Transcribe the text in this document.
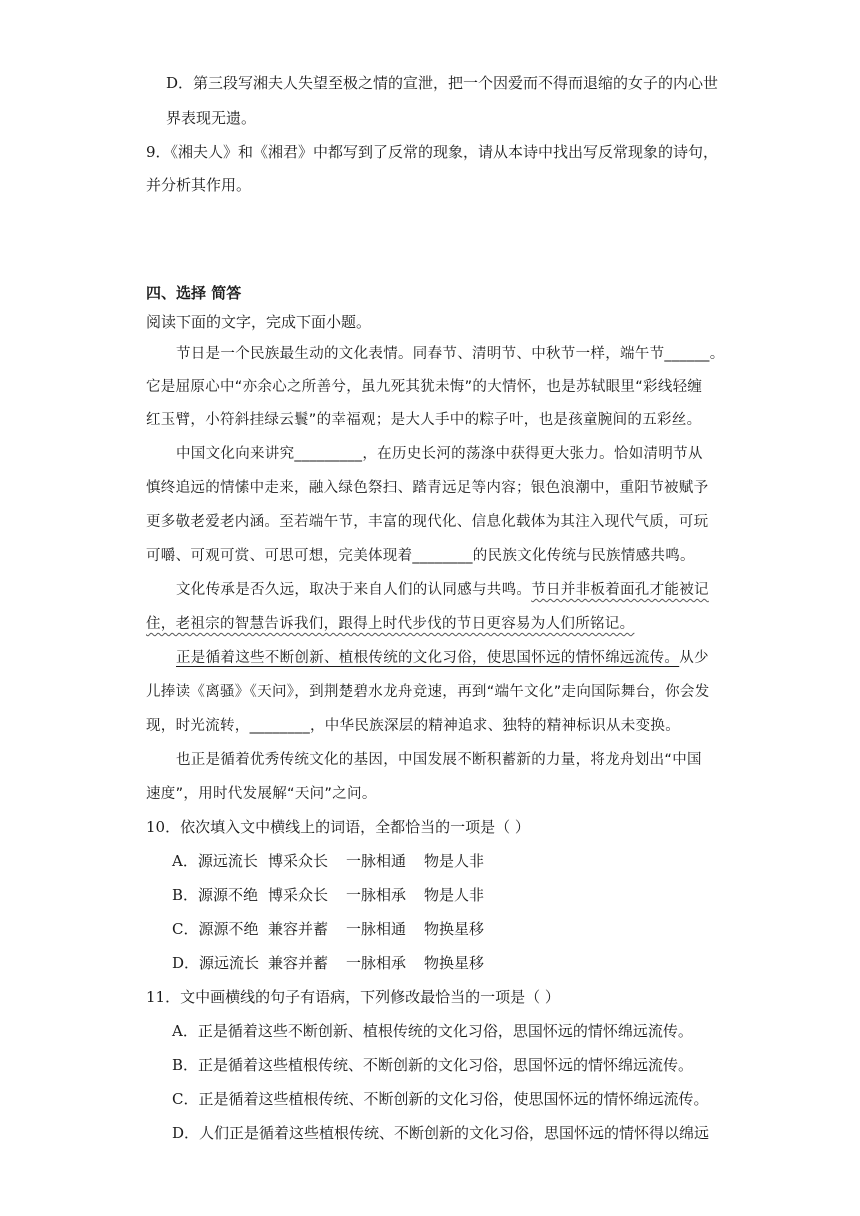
D．第三段写湘夫人失望至极之情的宣泄，把一个因爱而不得而退缩的女子的内心世
界表现无遗。
9．《湘夫人》和《湘君》中都写到了反常的现象，请从本诗中找出写反常现象的诗句，
并分析其作用。
四、选择 简答
阅读下面的文字，完成下面小题。
节日是一个民族最生动的文化表情。同春节、清明节、中秋节一样，端午节______。
它是屈原心中“亦余心之所善兮，虽九死其犹未悔”的大情怀，也是苏轼眼里“彩线轻缠
红玉臂，小符斜挂绿云鬟”的幸福观；是大人手中的粽子叶，也是孩童腕间的五彩丝。
中国文化向来讲究_________，在历史长河的荡涤中获得更大张力。恰如清明节从
慎终追远的情愫中走来，融入绿色祭扫、踏青远足等内容；银色浪潮中，重阳节被赋予
更多敬老爱老内涵。至若端午节，丰富的现代化、信息化载体为其注入现代气质，可玩
可嚼、可观可赏、可思可想，完美体现着________的民族文化传统与民族情感共鸣。
文化传承是否久远，取决于来自人们的认同感与共鸣。节日并非板着面孔才能被记
住，老祖宗的智慧告诉我们，跟得上时代步伐的节日更容易为人们所铭记。
正是循着这些不断创新、植根传统的文化习俗，使思国怀远的情怀绵远流传。从少
儿捧读《离骚》《天问》，到荆楚碧水龙舟竞速，再到“端午文化”走向国际舞台，你会发
现，时光流转，________，中华民族深层的精神追求、独特的精神标识从未变换。
也正是循着优秀传统文化的基因，中国发展不断积蓄新的力量，将龙舟划出“中国
速度”，用时代发展解“天问”之问。
10．依次填入文中横线上的词语，全都恰当的一项是（ ）
A．源远流长 博采众长 一脉相通 物是人非
B．源源不绝 博采众长 一脉相承 物是人非
C．源源不绝 兼容并蓄 一脉相通 物换星移
D．源远流长 兼容并蓄 一脉相承 物换星移
11．文中画横线的句子有语病，下列修改最恰当的一项是（ ）
A．正是循着这些不断创新、植根传统的文化习俗，思国怀远的情怀绵远流传。
B．正是循着这些植根传统、不断创新的文化习俗，思国怀远的情怀绵远流传。
C．正是循着这些植根传统、不断创新的文化习俗，使思国怀远的情怀绵远流传。
D．人们正是循着这些植根传统、不断创新的文化习俗，思国怀远的情怀得以绵远
